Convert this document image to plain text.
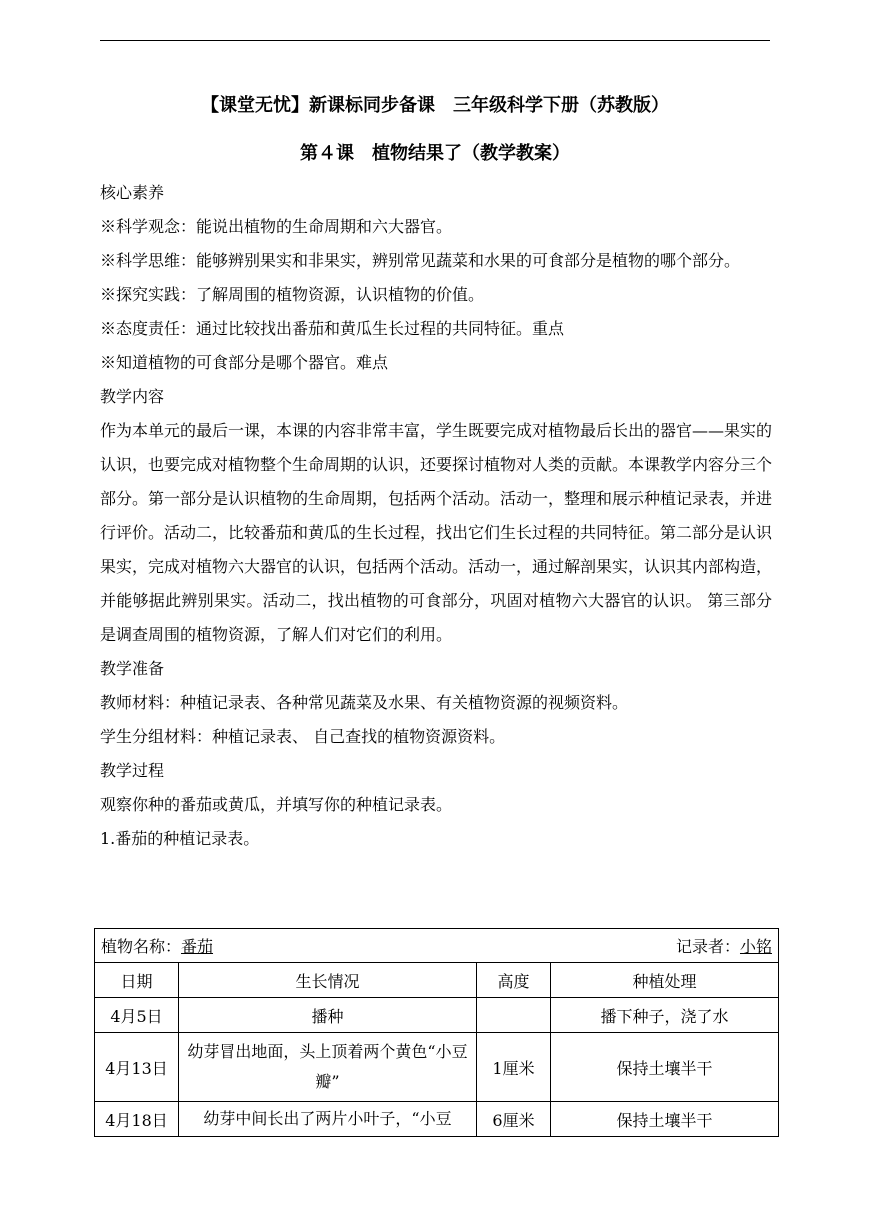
【课堂无忧】新课标同步备课　三年级科学下册（苏教版）
第４课　植物结果了（教学教案）

核心素养

※科学观念：能说出植物的生命周期和六大器官。

※科学思维：能够辨别果实和非果实，辨别常见蔬菜和水果的可食部分是植物的哪个部分。

※探究实践：了解周围的植物资源，认识植物的价值。

※态度责任：通过比较找出番茄和黄瓜生长过程的共同特征。重点

※知道植物的可食部分是哪个器官。难点

教学内容

作为本单元的最后一课，本课的内容非常丰富，学生既要完成对植物最后长出的器官——果实的认识，也要完成对植物整个生命周期的认识，还要探讨植物对人类的贡献。本课教学内容分三个部分。第一部分是认识植物的生命周期，包括两个活动。活动一，整理和展示种植记录表，并进行评价。活动二，比较番茄和黄瓜的生长过程，找出它们生长过程的共同特征。第二部分是认识果实，完成对植物六大器官的认识，包括两个活动。活动一，通过解剖果实，认识其内部构造，并能够据此辨别果实。活动二，找出植物的可食部分，巩固对植物六大器官的认识。 第三部分是调查周围的植物资源，了解人们对它们的利用。

教学准备

教师材料：种植记录表、各种常见蔬菜及水果、有关植物资源的视频资料。

学生分组材料：种植记录表、 自己查找的植物资源资料。

教学过程

观察你种的番茄或黄瓜，并填写你的种植记录表。

1.番茄的种植记录表。

植物名称：番茄 记录者：小铭			

日期	生长情况	高度	种植处理
4月5日	播种		播下种子，浇了水
4月13日	幼芽冒出地面，头上顶着两个黄色“小豆瓣”	1厘米	保持土壤半干
4月18日	幼芽中间长出了两片小叶子，“小豆	6厘米	保持土壤半干
